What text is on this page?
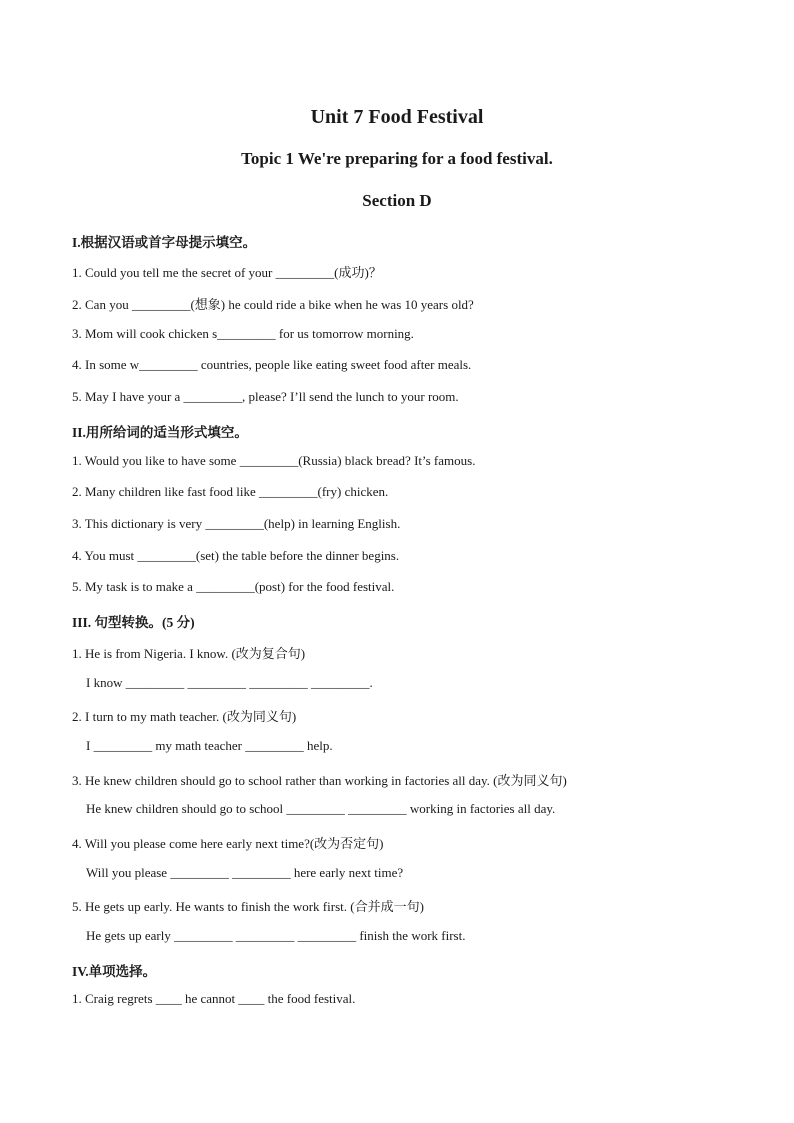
Unit 7 Food Festival
Topic 1 We're preparing for a food festival.
Section D
I.根据汉语或首字母提示填空。
1. Could you tell me the secret of your _________(成功)？
2. Can you _________(想象) he could ride a bike when he was 10 years old?
3. Mom will cook chicken s_________ for us tomorrow morning.
4. In some w_________ countries, people like eating sweet food after meals.
5. May I have your a _________, please? I’ll send the lunch to your room.
II.用所给词的适当形式填空。
1. Would you like to have some _________(Russia) black bread? It’s famous.
2. Many children like fast food like _________(fry) chicken.
3. This dictionary is very _________(help) in learning English.
4. You must _________(set) the table before the dinner begins.
5. My task is to make a _________(post) for the food festival.
III. 句型转换。(5 分)
1. He is from Nigeria. I know. (改为复合句)
I know _________ _________ _________ _________.
2. I turn to my math teacher. (改为同义句)
I _________ my math teacher _________ help.
3. He knew children should go to school rather than working in factories all day. (改为同义句)
He knew children should go to school _________ _________ working in factories all day.
4. Will you please come here early next time?(改为否定句)
Will you please _________ _________ here early next time?
5. He gets up early. He wants to finish the work first. (合并成一句)
He gets up early _________ _________ _________ finish the work first.
IV.单项选择。
1. Craig regrets ____ he cannot ____ the food festival.
